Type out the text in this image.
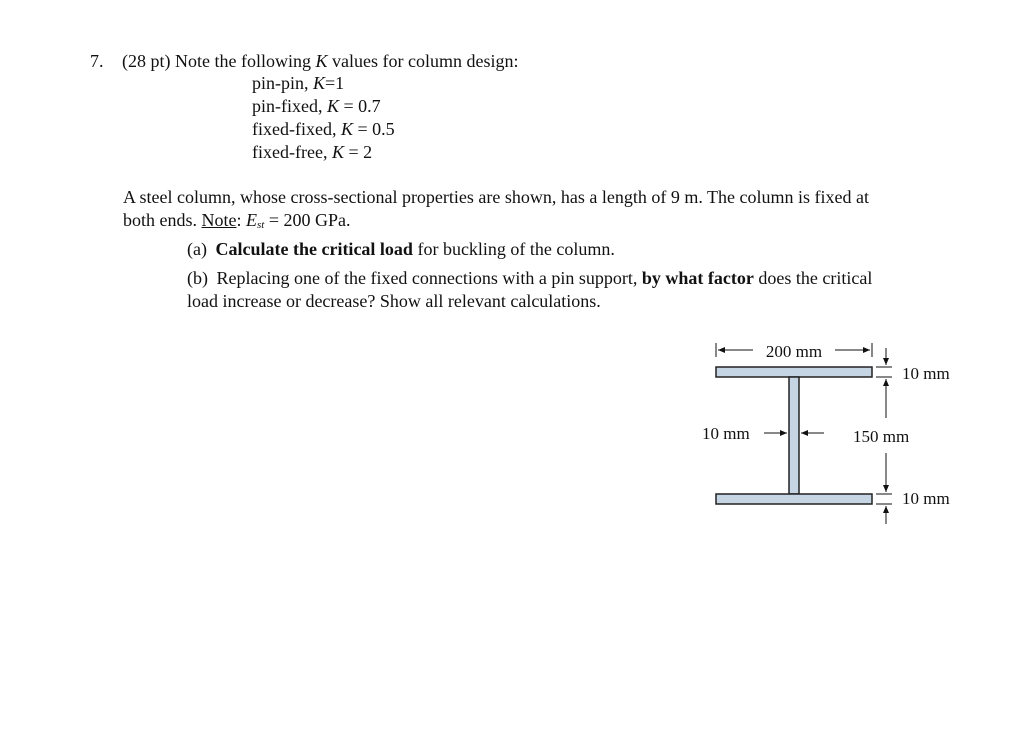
7. (28 pt) Note the following K values for column design:
pin-pin, K=1
pin-fixed, K = 0.7
fixed-fixed, K = 0.5
fixed-free, K = 2
A steel column, whose cross-sectional properties are shown, has a length of 9 m. The column is fixed at
both ends. Note: Est = 200 GPa.
(a) Calculate the critical load for buckling of the column.
(b) Replacing one of the fixed connections with a pin support, by what factor does the critical
load increase or decrease? Show all relevant calculations.
200 mm
10 mm
150 mm
10 mm
10 mm
